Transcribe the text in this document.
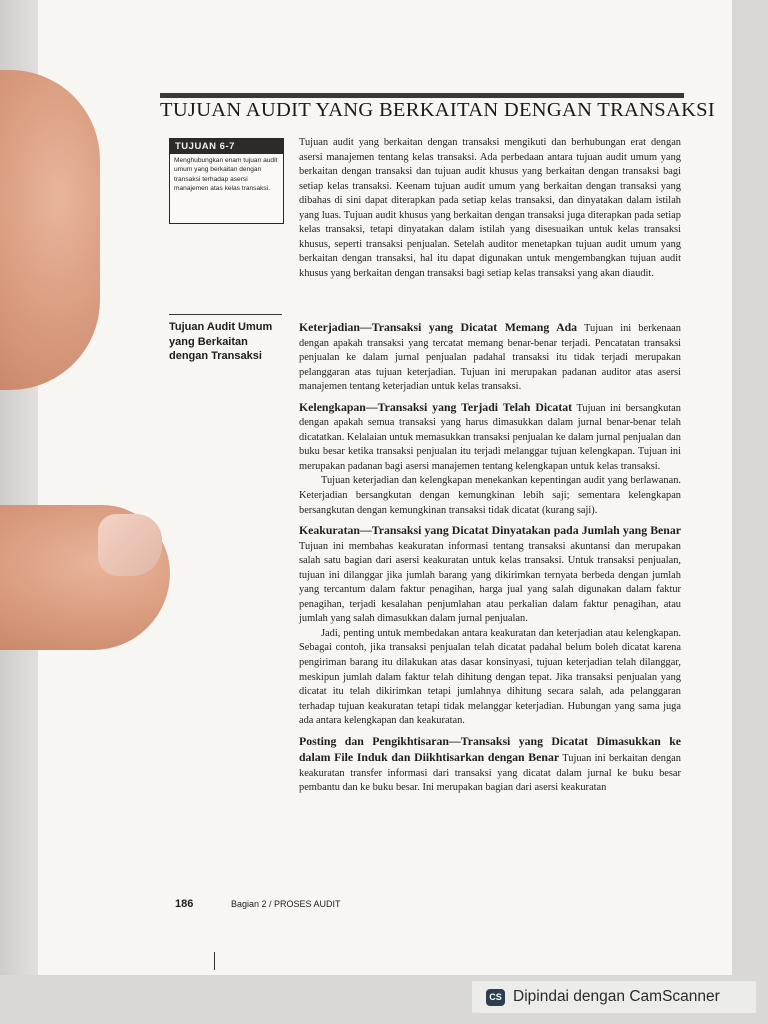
TUJUAN AUDIT YANG BERKAITAN DENGAN TRANSAKSI
TUJUAN 6-7
Menghubungkan enam tujuan audit umum yang berkaitan dengan transaksi terhadap asersi manajemen atas kelas transaksi.
Tujuan audit yang berkaitan dengan transaksi mengikuti dan berhubungan erat dengan asersi manajemen tentang kelas transaksi. Ada perbedaan antara tujuan audit umum yang berkaitan dengan transaksi dan tujuan audit khusus yang berkaitan dengan transaksi bagi setiap kelas transaksi. Keenam tujuan audit umum yang berkaitan dengan transaksi yang dibahas di sini dapat diterapkan pada setiap kelas transaksi, dan dinyatakan dalam istilah yang luas. Tujuan audit khusus yang berkaitan dengan transaksi juga diterapkan pada setiap kelas transaksi, tetapi dinyatakan dalam istilah yang disesuaikan untuk kelas transaksi khusus, seperti transaksi penjualan. Setelah auditor menetapkan tujuan audit umum yang berkaitan dengan transaksi, hal itu dapat digunakan untuk mengembangkan tujuan audit khusus yang berkaitan dengan transaksi bagi setiap kelas transaksi yang akan diaudit.
Tujuan Audit Umum yang Berkaitan dengan Transaksi

Keterjadian—Transaksi yang Dicatat Memang Ada Tujuan ini berkenaan dengan apakah transaksi yang tercatat memang benar-benar terjadi. Pencatatan transaksi penjualan ke dalam jurnal penjualan padahal transaksi itu tidak terjadi merupakan pelanggaran atas tujuan keterjadian. Tujuan ini merupakan padanan auditor atas asersi manajemen tentang keterjadian untuk kelas transaksi.

Kelengkapan—Transaksi yang Terjadi Telah Dicatat Tujuan ini bersangkutan dengan apakah semua transaksi yang harus dimasukkan dalam jurnal benar-benar telah dicatatkan. Kelalaian untuk memasukkan transaksi penjualan ke dalam jurnal penjualan dan buku besar ketika transaksi penjualan itu terjadi melanggar tujuan kelengkapan. Tujuan ini merupakan padanan bagi asersi manajemen tentang kelengkapan untuk kelas transaksi.

Tujuan keterjadian dan kelengkapan menekankan kepentingan audit yang berlawanan. Keterjadian bersangkutan dengan kemungkinan lebih saji; sementara kelengkapan bersangkutan dengan kemungkinan transaksi tidak dicatat (kurang saji).

Keakuratan—Transaksi yang Dicatat Dinyatakan pada Jumlah yang Benar Tujuan ini membahas keakuratan informasi tentang transaksi akuntansi dan merupakan salah satu bagian dari asersi keakuratan untuk kelas transaksi. Untuk transaksi penjualan, tujuan ini dilanggar jika jumlah barang yang dikirimkan ternyata berbeda dengan jumlah yang tercantum dalam faktur penagihan, harga jual yang salah digunakan dalam faktur penagihan, terjadi kesalahan penjumlahan atau perkalian dalam faktur penagihan, atau jumlah yang salah dimasukkan dalam jurnal penjualan.

Jadi, penting untuk membedakan antara keakuratan dan keterjadian atau kelengkapan. Sebagai contoh, jika transaksi penjualan telah dicatat padahal belum boleh dicatat karena pengiriman barang itu dilakukan atas dasar konsinyasi, tujuan keterjadian telah dilanggar, meskipun jumlah dalam faktur telah dihitung dengan tepat. Jika transaksi penjualan yang dicatat itu telah dikirimkan tetapi jumlahnya dihitung secara salah, ada pelanggaran terhadap tujuan keakuratan tetapi tidak melanggar keterjadian. Hubungan yang sama juga ada antara kelengkapan dan keakuratan.

Posting dan Pengikhtisaran—Transaksi yang Dicatat Dimasukkan ke dalam File Induk dan Diikhtisarkan dengan Benar Tujuan ini berkaitan dengan keakuratan transfer informasi dari transaksi yang dicatat dalam jurnal ke buku besar pembantu dan ke buku besar. Ini merupakan bagian dari asersi keakuratan

186	Bagian 2 / PROSES AUDIT
CS Dipindai dengan CamScanner
